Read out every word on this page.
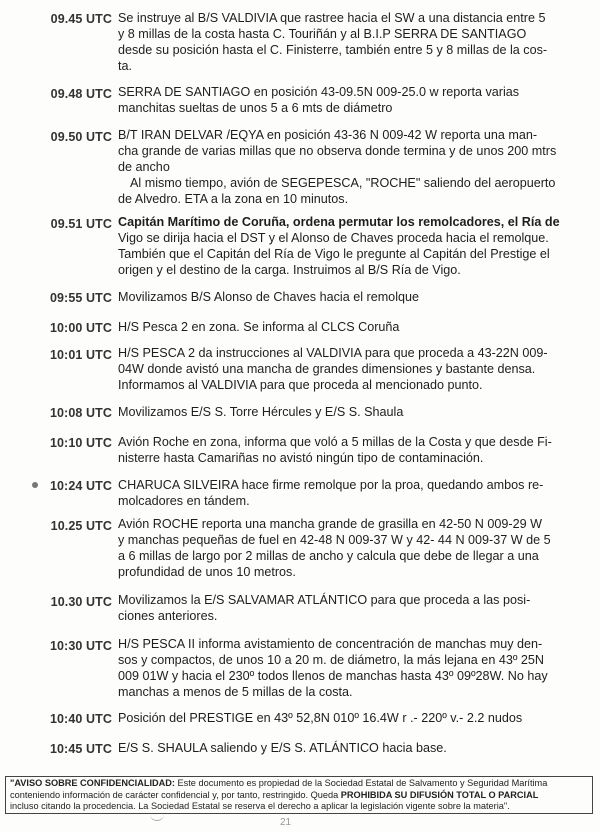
09.45 UTC Se instruye al B/S VALDIVIA que rastree hacia el SW a una distancia entre 5

y 8 millas de la costa hasta C. Touriñán y al B.I.P SERRA DE SANTIAGO

desde su posición hasta el C. Finisterre, también entre 5 y 8 millas de la cos-

ta.

09.48 UTC SERRA DE SANTIAGO en posición 43-09.5N 009-25.0 w reporta varias

manchitas sueltas de unos 5 a 6 mts de diámetro

09.50 UTC B/T IRAN DELVAR /EQYA en posición 43-36 N 009-42 W reporta una man-

cha grande de varias millas que no observa donde termina y de unos 200 mtrs

de ancho

Al mismo tiempo, avión de SEGEPESCA, "ROCHE" saliendo del aeropuerto

de Alvedro. ETA a la zona en 10 minutos.

09.51 UTC Capitán Marítimo de Coruña, ordena permutar los remolcadores, el Ría de

Vigo se dirija hacia el DST y el Alonso de Chaves proceda hacia el remolque.

También que el Capitán del Ría de Vigo le pregunte al Capitán del Prestige el

origen y el destino de la carga. Instruimos al B/S Ría de Vigo.

09:55 UTC Movilizamos B/S Alonso de Chaves hacia el remolque

10:00 UTC H/S Pesca 2 en zona. Se informa al CLCS Coruña

10:01 UTC H/S PESCA 2 da instrucciones al VALDIVIA para que proceda a 43-22N 009-

04W donde avistó una mancha de grandes dimensiones y bastante densa.

Informamos al VALDIVIA para que proceda al mencionado punto.

10:08 UTC Movilizamos E/S S. Torre Hércules y E/S S. Shaula

10:10 UTC Avión Roche en zona, informa que voló a 5 millas de la Costa y que desde Fi-

nisterre hasta Camariñas no avistó ningún tipo de contaminación.

10:24 UTC CHARUCA SILVEIRA hace firme remolque por la proa, quedando ambos re-

molcadores en tándem.

10.25 UTC Avión ROCHE reporta una mancha grande de grasilla en 42-50 N 009-29 W

y manchas pequeñas de fuel en 42-48 N 009-37 W y 42- 44 N 009-37 W de 5

a 6 millas de largo por 2 millas de ancho y calcula que debe de llegar a una

profundidad de unos 10 metros.

10.30 UTC Movilizamos la E/S SALVAMAR ATLÁNTICO para que proceda a las posi-

ciones anteriores.

10:30 UTC H/S PESCA II informa avistamiento de concentración de manchas muy den-

sos y compactos, de unos 10 a 20 m. de diámetro, la más lejana en 43º 25N

009 01W y hacia el 230º todos llenos de manchas hasta 43º 09º28W. No hay

manchas a menos de 5 millas de la costa.

10:40 UTC Posición del PRESTIGE en 43º 52,8N 010º 16.4W r .- 220º v.- 2.2 nudos

10:45 UTC E/S S. SHAULA saliendo y E/S S. ATLÁNTICO hacia base.

"AVISO SOBRE CONFIDENCIALIDAD: Este documento es propiedad de la Sociedad Estatal de Salvamento y Seguridad Marítima
conteniendo información de carácter confidencial y, por tanto, restringido. Queda PROHIBIDA SU DIFUSIÓN TOTAL O PARCIAL
incluso citando la procedencia. La Sociedad Estatal se reserva el derecho a aplicar la legislación vigente sobre la materia".
21
